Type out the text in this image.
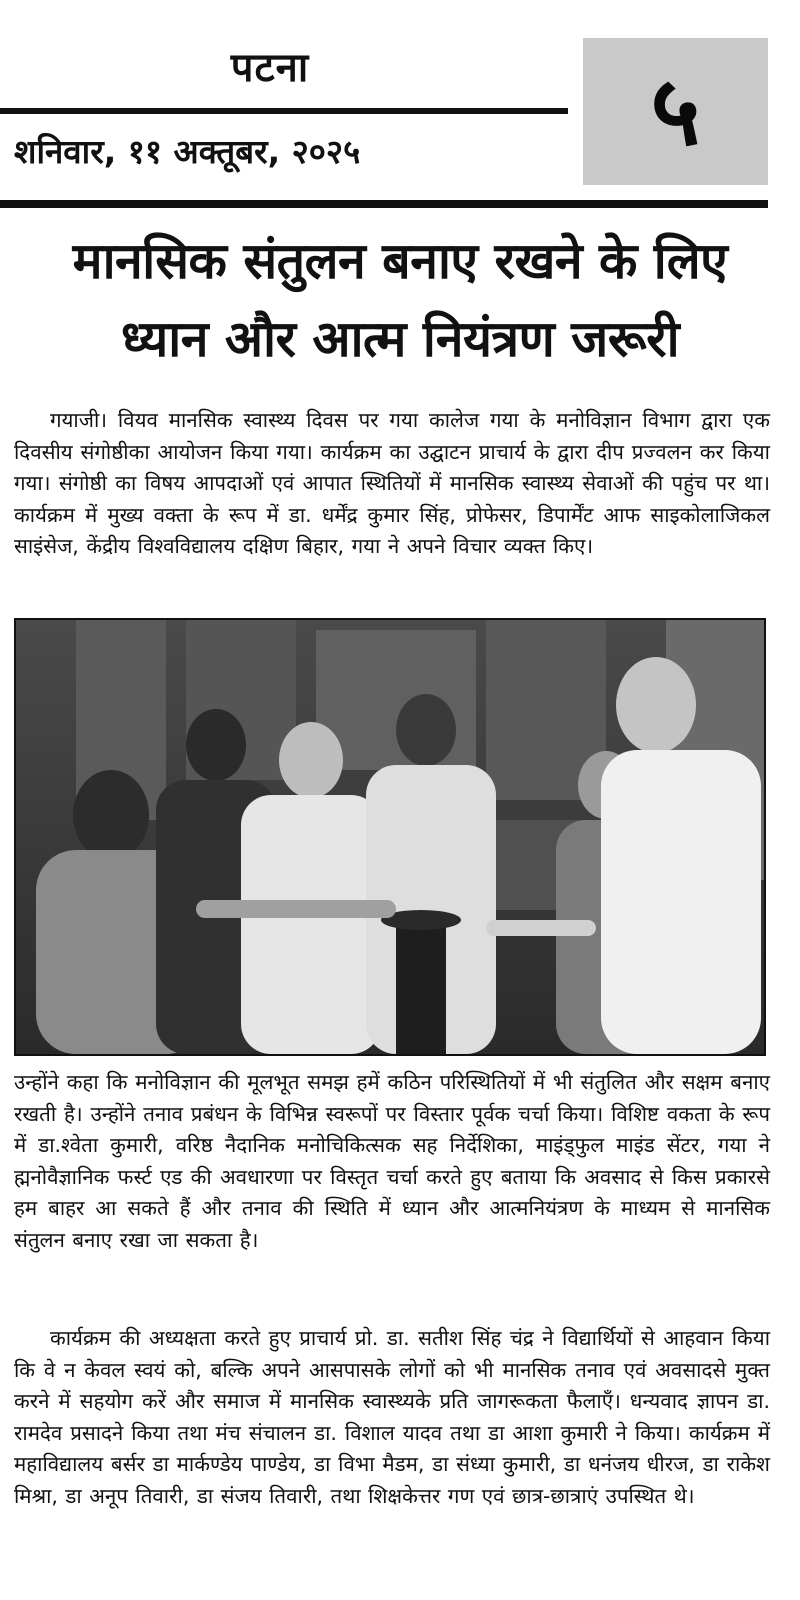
पटना
शनिवार, ११ अक्तूबर, २०२५	५
मानसिक संतुलन बनाए रखने के लिए
ध्यान और आत्म नियंत्रण जरूरी

गयाजी। वियव मानसिक स्वास्थ्य दिवस पर गया कालेज गया के मनोविज्ञान विभाग द्वारा एक दिवसीय संगोष्ठीका आयोजन किया गया। कार्यक्रम का उद्घाटन प्राचार्य के द्वारा दीप प्रज्वलन कर किया गया। संगोष्ठी का विषय आपदाओं एवं आपात स्थितियों में मानसिक स्वास्थ्य सेवाओं की पहुंच पर था। कार्यक्रम में मुख्य वक्ता के रूप में डा. धर्मेंद्र कुमार सिंह, प्रोफेसर, डिपार्मेंट आफ साइकोलाजिकल साइंसेज, केंद्रीय विश्वविद्यालय दक्षिण बिहार, गया ने अपने विचार व्यक्त किए।

उन्होंने कहा कि मनोविज्ञान की मूलभूत समझ हमें कठिन परिस्थितियों में भी संतुलित और सक्षम बनाए रखती है। उन्होंने तनाव प्रबंधन के विभिन्न स्वरूपों पर विस्तार पूर्वक चर्चा किया। विशिष्ट वकता के रूप में डा.श्वेता कुमारी, वरिष्ठ नैदानिक मनोचिकित्सक सह निर्देशिका, माइंड्फुल माइंड सेंटर, गया ने ह्मनोवैज्ञानिक फर्स्ट एड की अवधारणा पर विस्तृत चर्चा करते हुए बताया कि अवसाद से किस प्रकारसे हम बाहर आ सकते हैं और तनाव की स्थिति में ध्यान और आत्मनियंत्रण के माध्यम से मानसिक संतुलन बनाए रखा जा सकता है।

कार्यक्रम की अध्यक्षता करते हुए प्राचार्य प्रो. डा. सतीश सिंह चंद्र ने विद्यार्थियों से आहवान किया कि वे न केवल स्वयं को, बल्कि अपने आसपासके लोगों को भी मानसिक तनाव एवं अवसादसे मुक्त करने में सहयोग करें और समाज में मानसिक स्वास्थ्यके प्रति जागरूकता फैलाएँ। धन्यवाद ज्ञापन डा. रामदेव प्रसादने किया तथा मंच संचालन डा. विशाल यादव तथा डा आशा कुमारी ने किया। कार्यक्रम में महाविद्यालय बर्सर डा मार्कण्डेय पाण्डेय, डा विभा मैडम, डा संध्या कुमारी, डा धनंजय धीरज, डा राकेश मिश्रा, डा अनूप तिवारी, डा संजय तिवारी, तथा शिक्षकेत्तर गण एवं छात्र-छात्राएं उपस्थित थे।
